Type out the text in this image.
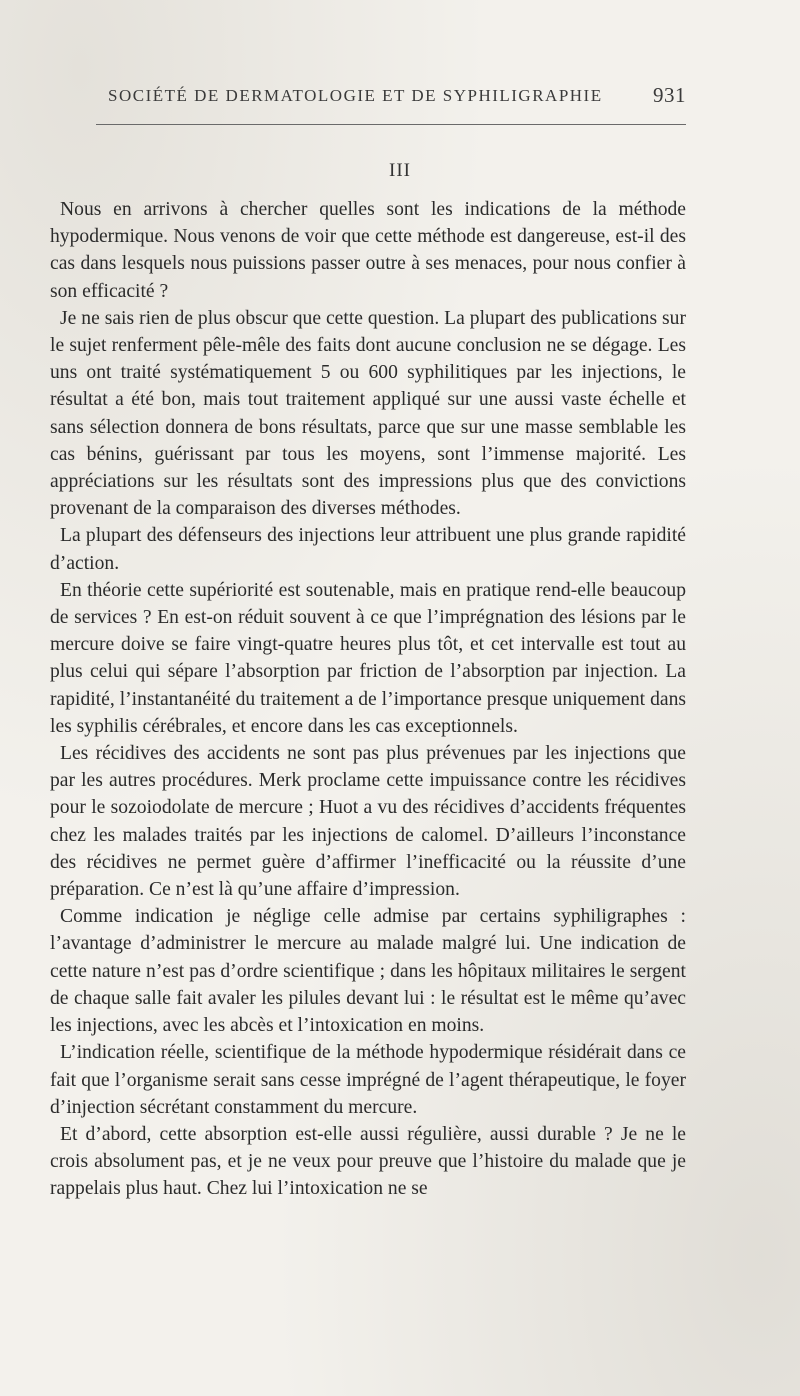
SOCIÉTÉ DE DERMATOLOGIE ET DE SYPHILIGRAPHIE 931
III

Nous en arrivons à chercher quelles sont les indications de la méthode hypodermique. Nous venons de voir que cette méthode est dangereuse, est-il des cas dans lesquels nous puissions passer outre à ses menaces, pour nous confier à son efficacité ?

Je ne sais rien de plus obscur que cette question. La plupart des publications sur le sujet renferment pêle-mêle des faits dont aucune conclusion ne se dégage. Les uns ont traité systématiquement 5 ou 600 syphilitiques par les injections, le résultat a été bon, mais tout traitement appliqué sur une aussi vaste échelle et sans sélection donnera de bons résultats, parce que sur une masse semblable les cas bénins, guérissant par tous les moyens, sont l’immense majorité. Les appréciations sur les résultats sont des impressions plus que des convictions provenant de la comparaison des diverses méthodes.

La plupart des défenseurs des injections leur attribuent une plus grande rapidité d’action.

En théorie cette supériorité est soutenable, mais en pratique rend-elle beaucoup de services ? En est-on réduit souvent à ce que l’imprégnation des lésions par le mercure doive se faire vingt-quatre heures plus tôt, et cet intervalle est tout au plus celui qui sépare l’absorption par friction de l’absorption par injection. La rapidité, l’instantanéité du traitement a de l’importance presque uniquement dans les syphilis cérébrales, et encore dans les cas exceptionnels.

Les récidives des accidents ne sont pas plus prévenues par les injections que par les autres procédures. Merk proclame cette impuissance contre les récidives pour le sozoiodolate de mercure ; Huot a vu des récidives d’accidents fréquentes chez les malades traités par les injections de calomel. D’ailleurs l’inconstance des récidives ne permet guère d’affirmer l’inefficacité ou la réussite d’une préparation. Ce n’est là qu’une affaire d’impression.

Comme indication je néglige celle admise par certains syphiligraphes : l’avantage d’administrer le mercure au malade malgré lui. Une indication de cette nature n’est pas d’ordre scientifique ; dans les hôpitaux militaires le sergent de chaque salle fait avaler les pilules devant lui : le résultat est le même qu’avec les injections, avec les abcès et l’intoxication en moins.

L’indication réelle, scientifique de la méthode hypodermique résidérait dans ce fait que l’organisme serait sans cesse imprégné de l’agent thérapeutique, le foyer d’injection sécrétant constamment du mercure.

Et d’abord, cette absorption est-elle aussi régulière, aussi durable ? Je ne le crois absolument pas, et je ne veux pour preuve que l’histoire du malade que je rappelais plus haut. Chez lui l’intoxication ne se
